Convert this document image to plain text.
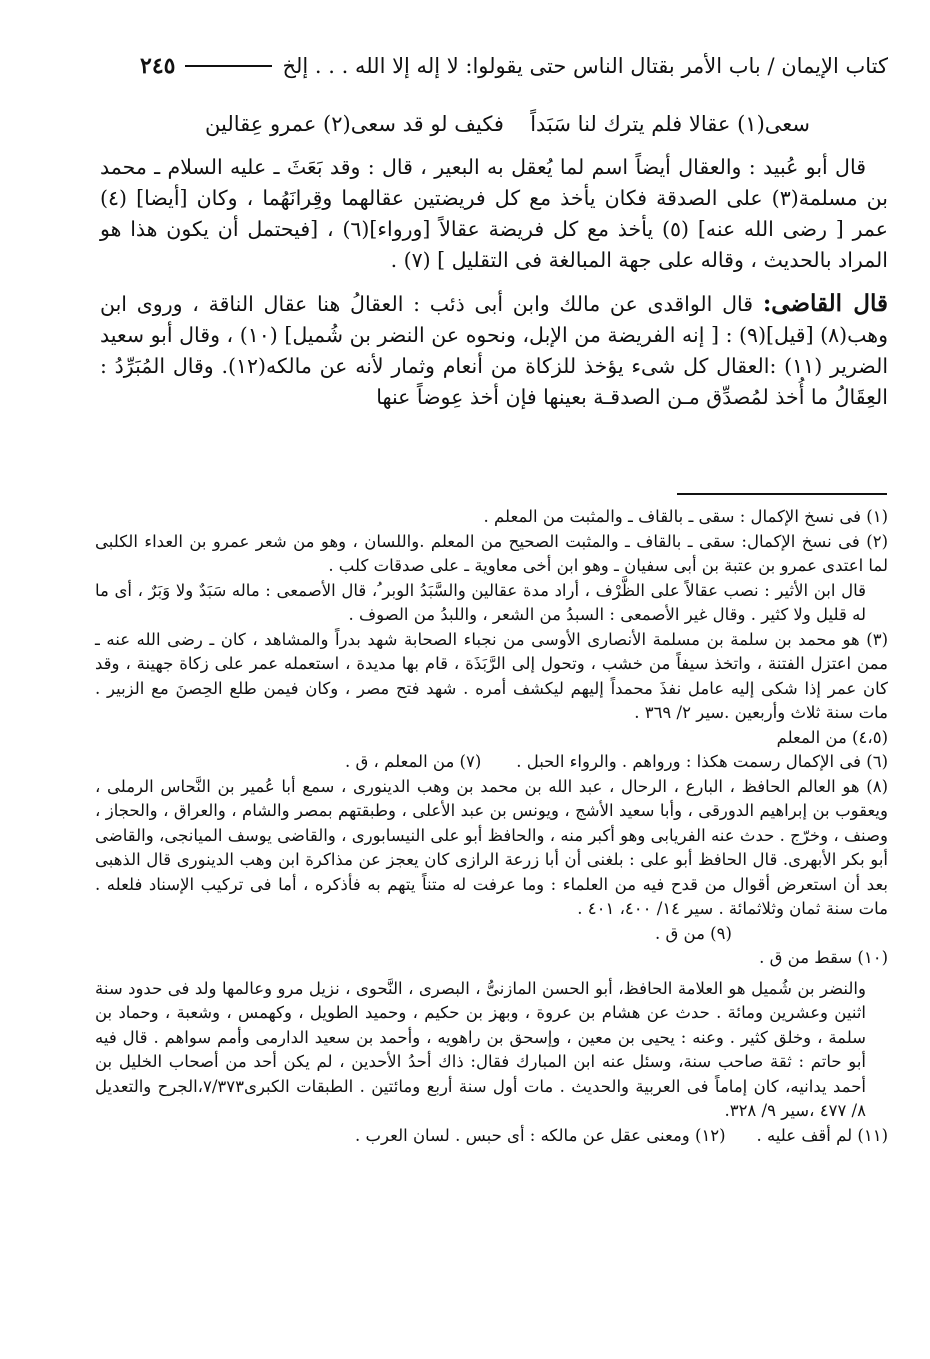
كتاب الإيمان / باب الأمر بقتال الناس حتى يقولوا: لا إله إلا الله . . . إلخ
٢٤٥
سعى(١) عقالا فلم يترك لنا سَبَداً
فكيف لو قد سعى(٢) عمرو عِقالين

قال أبو عُبيد : والعقال أيضاً اسم لما يُعقل به البعير ، قال : وقد بَعَثَ ـ عليه السلام ـ محمد بن مسلمة(٣) على الصدقة فكان يأخذ مع كل فريضتين عقالهما وقِرانَهُما ، وكان [أيضا] (٤) عمر [ رضى الله عنه] (٥) يأخذ مع كل فريضة عقالاً [ورواء](٦) ، [فيحتمل أن يكون هذا هو المراد بالحديث ، وقاله على جهة المبالغة فى التقليل ] (٧) .

قال القاضى: قال الواقدى عن مالك وابن أبى ذئب : العقالُ هنا عقال الناقة ، وروى ابن وهب(٨) [قيل](٩) : [ إنه الفريضة من الإبل، ونحوه عن النضر بن شُميل] (١٠) ، وقال أبو سعيد الضرير (١١) :العقال كل شىء يؤخذ للزكاة من أنعام وثمار لأنه عن مالكه(١٢). وقال المُبَرِّدُ : العِقَالُ ما أُخذ لمُصدِّق مـن الصدقـة بعينها فإن أخذ عِوضاً عنها

(١) فى نسخ الإكمال : سقى ـ بالقاف ـ والمثبت من المعلم .

(٢) فى نسخ الإكمال: سقى ـ بالقاف ـ والمثبت الصحيح من المعلم .واللسان ، وهو من شعر عمرو بن العداء الكلبى لما اعتدى عمرو بن عتبة بن أبى سفيان ـ وهو ابن أخى معاوية ـ على صدقات كلب .

قال ابن الأثير : نصب عقالاً على الظَّرْف ، أراد مدة عقالين والسَّبَدُ الوبر ُ، قال الأصمعى : ماله سَبَدٌ ولا وَبَرٌ ، أى ما له قليل ولا كثير . وقال غير الأصمعى : السبدُ من الشعر ، واللبدُ من الصوف .

(٣) هو محمد بن سلمة بن مسلمة الأنصارى الأوسى من نجباء الصحابة شهد بدراً والمشاهد ، كان ـ رضى الله عنه ـ ممن اعتزل الفتنة ، واتخذ سيفاً من خشب ، وتحول إلى الرَّبَذَة ، قام بها مديدة ، استعمله عمر على زكاة جهينة ، وقد كان عمر إذا شكى إليه عامل نفذَ محمداً إليهم ليكشف أمره . شهد فتح مصر ، وكان فيمن طلع الحِصنَ مع الزبير . مات سنة ثلاث وأربعين .سير ٢/ ٣٦٩ .

(٤،٥) من المعلم

(٦) فى الإكمال رسمت هكذا : ورواهم . والرواء الحبل .
(٧) من المعلم ، ق .

(٨) هو العالم الحافظ ، البارع ، الرحال ، عبد الله بن محمد بن وهب الدينورى ، سمع أبا عُمير بن النَّحاس الرملى ، ويعقوب بن إبراهيم الدورقى ، وأبا سعيد الأشج ، ويونس بن عبد الأعلى ، وطبقتهم بمصر والشام ، والعراق ، والحجاز ، وصنف ، وخرّج . حدث عنه الفريابى وهو أكبر منه ، والحافظ أبو على النيسابورى ، والقاضى يوسف الميانجى، والقاضى أبو بكر الأبهرى. قال الحافظ أبو على : بلغنى أن أبا زرعة الرازى كان يعجز عن مذاكرة ابن وهب الدينورى قال الذهبى بعد أن استعرض أقوال من قدح فيه من العلماء : وما عرفت له متناً يتهم به فأذكره ، أما فى تركيب الإسناد فلعله . مات سنة ثمان وثلاثمائة . سير ١٤/ ٤٠٠، ٤٠١ .

(٩) من ق .

(١٠) سقط من ق .

والنضر بن شُميل هو العلامة الحافظ، أبو الحسن المازنىُّ ، البصرى ، النَّحوى ، نزيل مرو وعالمها ولد فى حدود سنة اثنين وعشرين ومائة . حدث عن هشام بن عروة ، وبهز بن حكيم ، وحميد الطويل ، وكهمس ، وشعبة ، وحماد بن سلمة ، وخلق كثير . وعنه : يحيى بن معين ، وإسحق بن راهويه ، وأحمد بن سعيد الدارمى وأمم سواهم . قال فيه أبو حاتم : ثقة صاحب سنة، وسئل عنه ابن المبارك فقال: ذاك أحدُ الأحدين ، لم يكن أحد من أصحاب الخليل بن أحمد يدانيه، كان إماماً فى العربية والحديث . مات أول سنة أربع ومائتين . الطبقات الكبرى٧/٣٧٣،الجرح والتعديل ٨/ ٤٧٧ ،سير ٩/ ٣٢٨.

(١١) لم أقف عليه .
(١٢) ومعنى عقل عن مالكه : أى حبس . لسان العرب .
